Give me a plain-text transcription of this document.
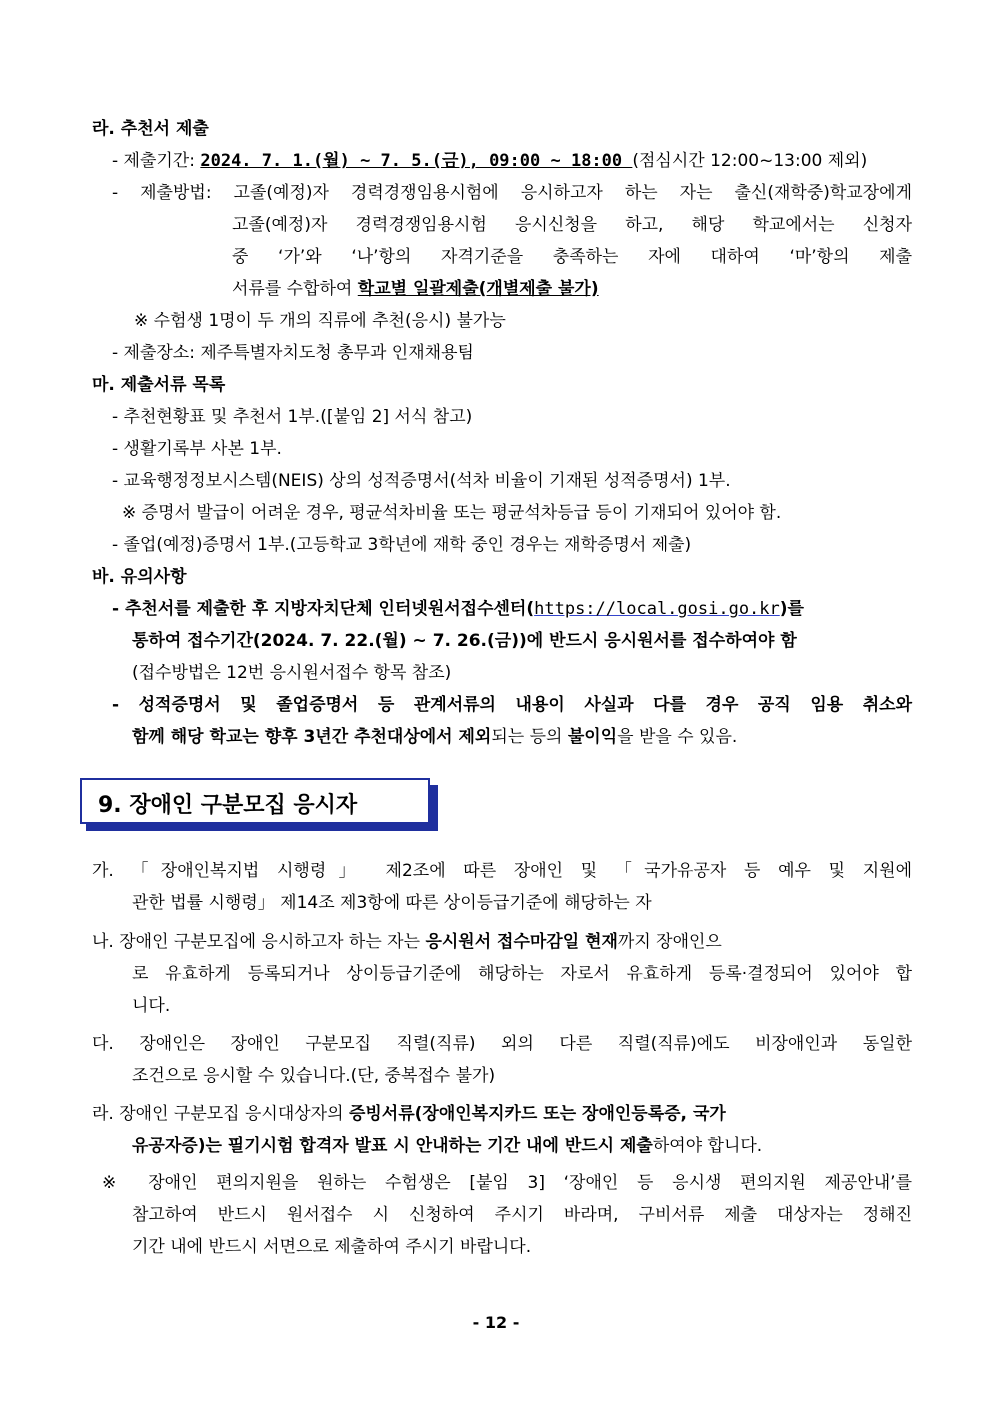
라. 추천서 제출
- 제출기간: 2024. 7. 1.(월) ~ 7. 5.(금), 09:00 ~ 18:00 (점심시간 12:00~13:00 제외)
- 제출방법: 고졸(예정)자 경력경쟁임용시험에 응시하고자 하는 자는 출신(재학중)학교장에게
고졸(예정)자 경력경쟁임용시험 응시신청을 하고, 해당 학교에서는 신청자
중 ‘가’와 ‘나’항의 자격기준을 충족하는 자에 대하여 ‘마’항의 제출
서류를 수합하여 학교별 일괄제출(개별제출 불가)
※ 수험생 1명이 두 개의 직류에 추천(응시) 불가능
- 제출장소: 제주특별자치도청 총무과 인재채용팀
마. 제출서류 목록
- 추천현황표 및 추천서 1부.([붙임 2] 서식 참고)
- 생활기록부 사본 1부.
- 교육행정정보시스템(NEIS) 상의 성적증명서(석차 비율이 기재된 성적증명서) 1부.
※ 증명서 발급이 어려운 경우, 평균석차비율 또는 평균석차등급 등이 기재되어 있어야 함.
- 졸업(예정)증명서 1부.(고등학교 3학년에 재학 중인 경우는 재학증명서 제출)
바. 유의사항
- 추천서를 제출한 후 지방자치단체 인터넷원서접수센터(https://local.gosi.go.kr)를
통하여 접수기간(2024. 7. 22.(월) ~ 7. 26.(금))에 반드시 응시원서를 접수하여야 함
(접수방법은 12번 응시원서접수 항목 참조)
- 성적증명서 및 졸업증명서 등 관계서류의 내용이 사실과 다를 경우 공직 임용 취소와
함께 해당 학교는 향후 3년간 추천대상에서 제외되는 등의 불이익을 받을 수 있음.
9. 장애인 구분모집 응시자
가. 「장애인복지법 시행령」 제2조에 따른 장애인 및 「국가유공자 등 예우 및 지원에
관한 법률 시행령」 제14조 제3항에 따른 상이등급기준에 해당하는 자
나. 장애인 구분모집에 응시하고자 하는 자는 응시원서 접수마감일 현재까지 장애인으
로 유효하게 등록되거나 상이등급기준에 해당하는 자로서 유효하게 등록·결정되어 있어야 합
니다.
다. 장애인은 장애인 구분모집 직렬(직류) 외의 다른 직렬(직류)에도 비장애인과 동일한
조건으로 응시할 수 있습니다.(단, 중복접수 불가)
라. 장애인 구분모집 응시대상자의 증빙서류(장애인복지카드 또는 장애인등록증, 국가
유공자증)는 필기시험 합격자 발표 시 안내하는 기간 내에 반드시 제출하여야 합니다.
※ 장애인 편의지원을 원하는 수험생은 [붙임 3] ‘장애인 등 응시생 편의지원 제공안내’를
참고하여 반드시 원서접수 시 신청하여 주시기 바라며, 구비서류 제출 대상자는 정해진
기간 내에 반드시 서면으로 제출하여 주시기 바랍니다.
- 12 -
